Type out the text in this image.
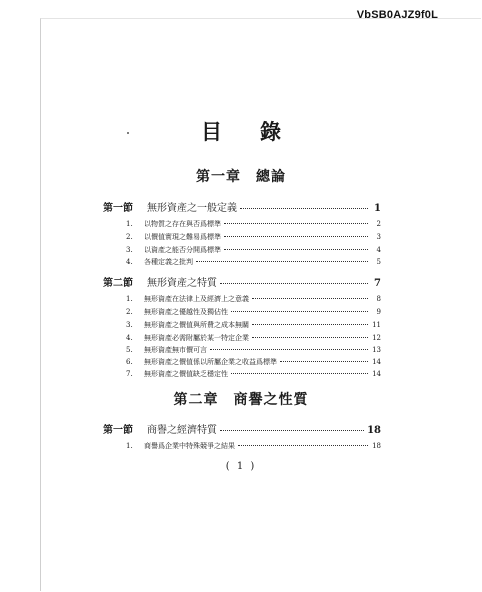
VbSB0AJZ9f0L
目錄
第一章　總論
第一節	無形資產之一般定義	1
1.	以物質之存在與否爲標準	2
2.	以價值實現之難易爲標準	3
3.	以資產之能否分開爲標準	4
4.	各種定義之批判	5
第二節	無形資產之特質	7
1.	無形資產在法律上及經濟上之意義	8
2.	無形資產之優越性及獨佔性	9
3.	無形資產之價值與所費之成本無關	11
4.	無形資產必需附屬於某一特定企業	12
5.	無形資產無市價可言	13
6.	無形資產之價值係以所屬企業之收益爲標準	14
7.	無形資產之價值缺乏穩定性	14
第二章　商譽之性質
第一節	商譽之經濟特質	18
1.	商譽爲企業中特殊競爭之結果	18
( 1 )
